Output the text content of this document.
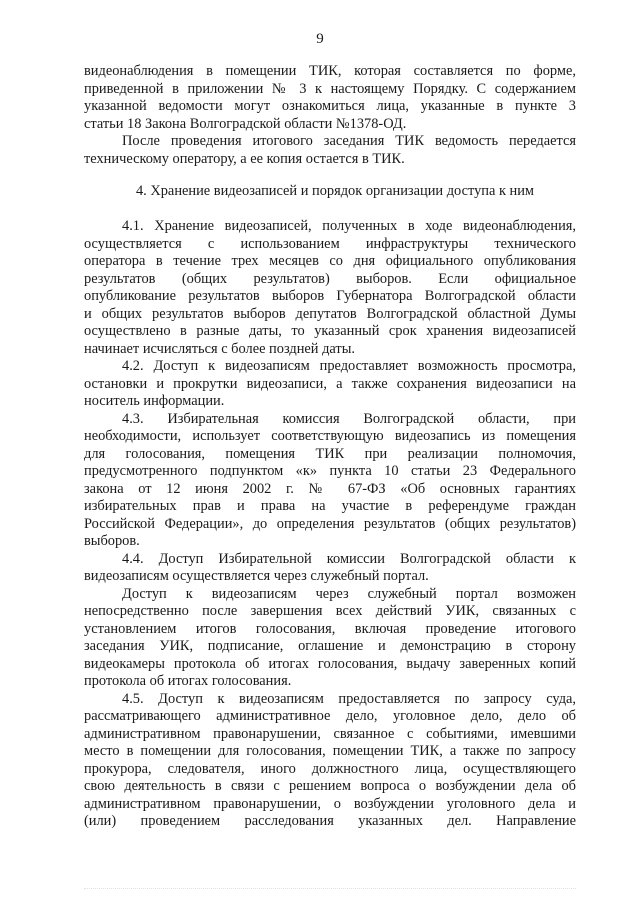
9
видеонаблюдения в помещении ТИК, которая составляется по форме,
приведенной в приложении № 3 к настоящему Порядку. С содержанием
указанной ведомости могут ознакомиться лица, указанные в пункте 3
статьи 18 Закона Волгоградской области №1378-ОД.
После проведения итогового заседания ТИК ведомость передается
техническому оператору, а ее копия остается в ТИК.
4. Хранение видеозаписей и порядок организации доступа к ним
4.1. Хранение видеозаписей, полученных в ходе видеонаблюдения,
осуществляется с использованием инфраструктуры технического
оператора в течение трех месяцев со дня официального опубликования
результатов (общих результатов) выборов. Если официальное
опубликование результатов выборов Губернатора Волгоградской области
и общих результатов выборов депутатов Волгоградской областной Думы
осуществлено в разные даты, то указанный срок хранения видеозаписей
начинает исчисляться с более поздней даты.
4.2. Доступ к видеозаписям предоставляет возможность просмотра,
остановки и прокрутки видеозаписи, а также сохранения видеозаписи на
носитель информации.
4.3. Избирательная комиссия Волгоградской области, при
необходимости, использует соответствующую видеозапись из помещения
для голосования, помещения ТИК при реализации полномочия,
предусмотренного подпунктом «к» пункта 10 статьи 23 Федерального
закона от 12 июня 2002 г. № 67-ФЗ «Об основных гарантиях
избирательных прав и права на участие в референдуме граждан
Российской Федерации», до определения результатов (общих результатов)
выборов.
4.4. Доступ Избирательной комиссии Волгоградской области к
видеозаписям осуществляется через служебный портал.
Доступ к видеозаписям через служебный портал возможен
непосредственно после завершения всех действий УИК, связанных с
установлением итогов голосования, включая проведение итогового
заседания УИК, подписание, оглашение и демонстрацию в сторону
видеокамеры протокола об итогах голосования, выдачу заверенных копий
протокола об итогах голосования.
4.5. Доступ к видеозаписям предоставляется по запросу суда,
рассматривающего административное дело, уголовное дело, дело об
административном правонарушении, связанное с событиями, имевшими
место в помещении для голосования, помещении ТИК, а также по запросу
прокурора, следователя, иного должностного лица, осуществляющего
свою деятельность в связи с решением вопроса о возбуждении дела об
административном правонарушении, о возбуждении уголовного дела и
(или) проведением расследования указанных дел. Направление
